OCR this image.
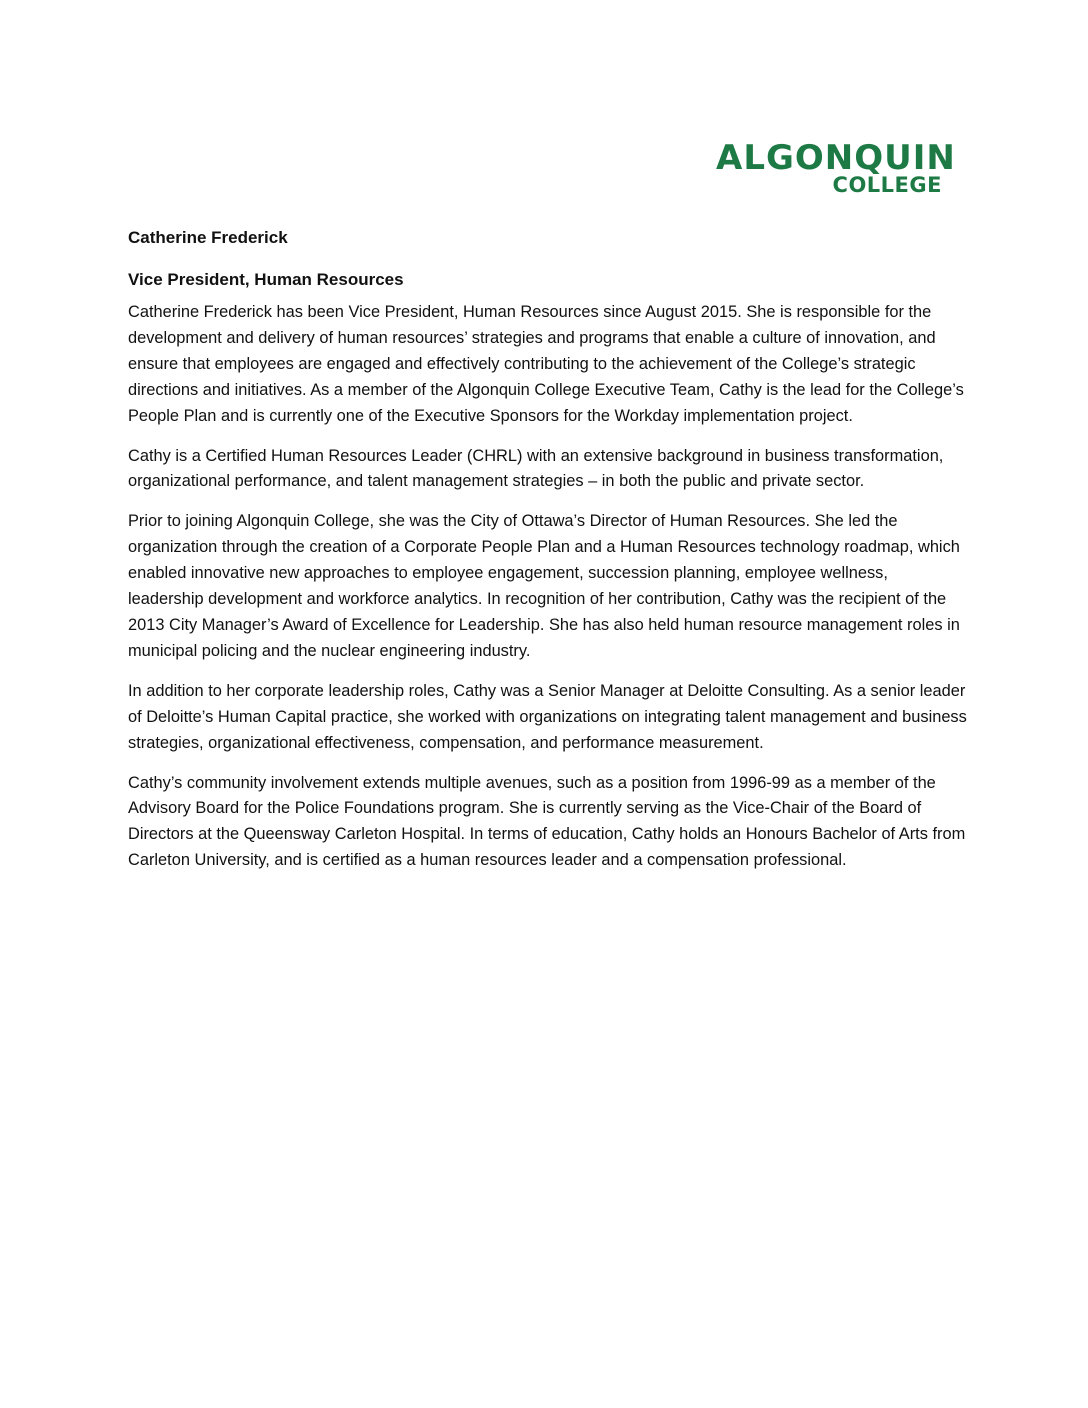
ALGONQUIN
COLLEGE
Catherine Frederick
Vice President, Human Resources

Catherine Frederick has been Vice President, Human Resources since August 2015. She is responsible for the development and delivery of human resources’ strategies and programs that enable a culture of innovation, and ensure that employees are engaged and effectively contributing to the achievement of the College’s strategic directions and initiatives. As a member of the Algonquin College Executive Team, Cathy is the lead for the College’s People Plan and is currently one of the Executive Sponsors for the Workday implementation project.

Cathy is a Certified Human Resources Leader (CHRL) with an extensive background in business transformation, organizational performance, and talent management strategies – in both the public and private sector.

Prior to joining Algonquin College, she was the City of Ottawa’s Director of Human Resources. She led the organization through the creation of a Corporate People Plan and a Human Resources technology roadmap, which enabled innovative new approaches to employee engagement, succession planning, employee wellness, leadership development and workforce analytics. In recognition of her contribution, Cathy was the recipient of the 2013 City Manager’s Award of Excellence for Leadership. She has also held human resource management roles in municipal policing and the nuclear engineering industry.

In addition to her corporate leadership roles, Cathy was a Senior Manager at Deloitte Consulting. As a senior leader of Deloitte’s Human Capital practice, she worked with organizations on integrating talent management and business strategies, organizational effectiveness, compensation, and performance measurement.

Cathy’s community involvement extends multiple avenues, such as a position from 1996-99 as a member of the Advisory Board for the Police Foundations program. She is currently serving as the Vice-Chair of the Board of Directors at the Queensway Carleton Hospital. In terms of education, Cathy holds an Honours Bachelor of Arts from Carleton University, and is certified as a human resources leader and a compensation professional.
